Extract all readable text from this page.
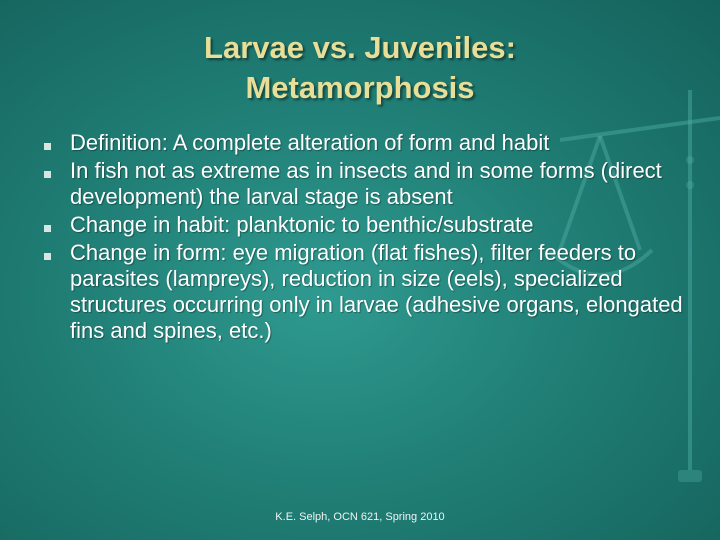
Larvae vs. Juveniles:
Metamorphosis
Definition: A complete alteration of form and habit
In fish not as extreme as in insects and in some forms (direct development) the larval stage is absent
Change in habit: planktonic to benthic/substrate
Change in form: eye migration (flat fishes), filter feeders to parasites (lampreys), reduction in size (eels), specialized structures occurring only in larvae (adhesive organs, elongated fins and spines, etc.)
K.E. Selph, OCN 621, Spring 2010
